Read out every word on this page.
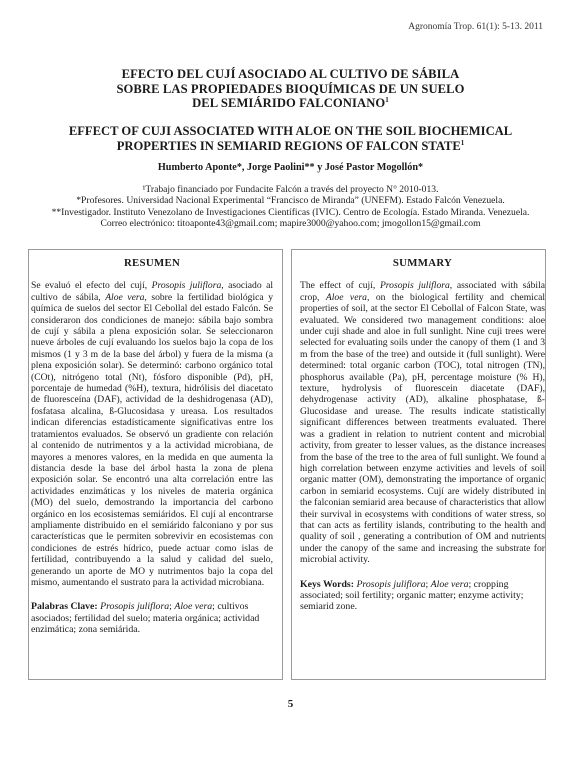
Agronomía Trop. 61(1): 5-13. 2011
EFECTO DEL CUJÍ ASOCIADO AL CULTIVO DE SÁBILA
SOBRE LAS PROPIEDADES BIOQUÍMICAS DE UN SUELO
DEL SEMIÁRIDO FALCONIANO$^1$
EFFECT OF CUJI ASSOCIATED WITH ALOE ON THE SOIL BIOCHEMICAL
PROPERTIES IN SEMIARID REGIONS OF FALCON STATE$^1$
Humberto Aponte*, Jorge Paolini** y José Pastor Mogollón*
¹Trabajo financiado por Fundacite Falcón a través del proyecto N° 2010-013.
*Profesores. Universidad Nacional Experimental “Francisco de Miranda” (UNEFM). Estado Falcón Venezuela.
**Investigador. Instituto Venezolano de Investigaciones Científicas (IVIC). Centro de Ecología. Estado Miranda. Venezuela.
Correo electrónico: titoaponte43@gmail.com; mapire3000@yahoo.com; jmogollon15@gmail.com
RESUMEN

Se evaluó el efecto del cují, Prosopis juliflora, asociado al cultivo de sábila, Aloe vera, sobre la fertilidad biológica y química de suelos del sector El Cebollal del estado Falcón. Se consideraron dos condiciones de manejo: sábila bajo sombra de cují y sábila a plena exposición solar. Se seleccionaron nueve árboles de cují evaluando los suelos bajo la copa de los mismos (1 y 3 m de la base del árbol) y fuera de la misma (a plena exposición solar). Se determinó: carbono orgánico total (COt), nitrógeno total (Nt), fósforo disponible (Pd), pH, porcentaje de humedad (%H), textura, hidrólisis del diacetato de fluoresceína (DAF), actividad de la deshidrogenasa (AD), fosfatasa alcalina, ß-Glucosidasa y ureasa. Los resultados indican diferencias estadísticamente significativas entre los tratamientos evaluados. Se observó un gradiente con relación al contenido de nutrimentos y a la actividad microbiana, de mayores a menores valores, en la medida en que aumenta la distancia desde la base del árbol hasta la zona de plena exposición solar. Se encontró una alta correlación entre las actividades enzimáticas y los niveles de materia orgánica (MO) del suelo, demostrando la importancia del carbono orgánico en los ecosistemas semiáridos. El cují al encontrarse ampliamente distribuido en el semiárido falconiano y por sus características que le permiten sobrevivir en ecosistemas con condiciones de estrés hídrico, puede actuar como islas de fertilidad, contribuyendo a la salud y calidad del suelo, generando un aporte de MO y nutrimentos bajo la copa del mismo, aumentando el sustrato para la actividad microbiana.

Palabras Clave: Prosopis juliflora; Aloe vera; cultivos asociados; fertilidad del suelo; materia orgánica; actividad enzimática; zona semiárida.

SUMMARY

The effect of cují, Prosopis juliflora, associated with sábila crop, Aloe vera, on the biological fertility and chemical properties of soil, at the sector El Cebollal of Falcon State, was evaluated. We considered two management conditions: aloe under cuji shade and aloe in full sunlight. Nine cuji trees were selected for evaluating soils under the canopy of them (1 and 3 m from the base of the tree) and outside it (full sunlight). Were determined: total organic carbon (TOC), total nitrogen (TN), phosphorus available (Pa), pH, percentage moisture (% H), texture, hydrolysis of fluorescein diacetate (DAF), dehydrogenase activity (AD), alkaline phosphatase, ß-Glucosidase and urease. The results indicate statistically significant differences between treatments evaluated. There was a gradient in relation to nutrient content and microbial activity, from greater to lesser values, as the distance increases from the base of the tree to the area of full sunlight. We found a high correlation between enzyme activities and levels of soil organic matter (OM), demonstrating the importance of organic carbon in semiarid ecosystems. Cují are widely distributed in the falconian semiarid area because of characteristics that allow their survival in ecosystems with conditions of water stress, so that can acts as fertility islands, contributing to the health and quality of soil , generating a contribution of OM and nutrients under the canopy of the same and increasing the substrate for microbial activity.

Keys Words: Prosopis juliflora; Aloe vera; cropping associated; soil fertility; organic matter; enzyme activity; semiarid zone.

5
